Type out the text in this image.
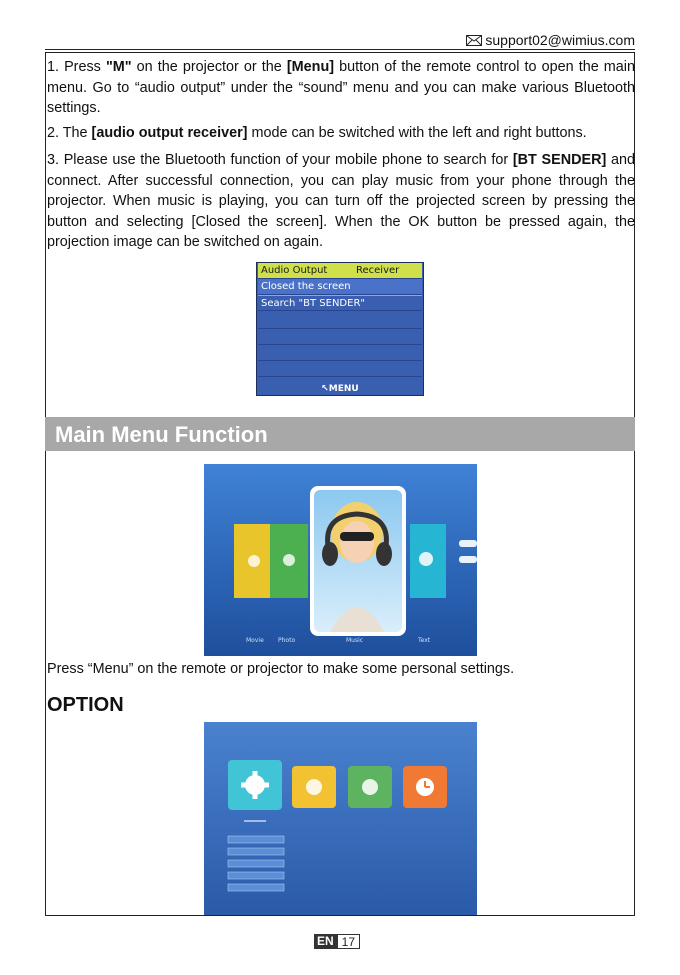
support02@wimius.com

1. Press "M" on the projector or the [Menu] button of the remote control to open the main menu. Go to “audio output” under the “sound” menu and you can make various Bluetooth settings.

2. The [audio output receiver] mode can be switched with the left and right buttons.

3. Please use the Bluetooth function of your mobile phone to search for [BT SENDER] and connect. After successful connection, you can play music from your phone through the projector. When music is playing, you can turn off the projected screen by pressing the button and selecting [Closed the screen]. When the OK button be pressed again, the projection image can be switched on again.

Audio Output	Receiver
Closed the screen
Search "BT SENDER"
↖MENU
Main Menu Function
Movie Photo	Music	Text

Press “Menu” on the remote or projector to make some personal settings.

OPTION
EN 17
